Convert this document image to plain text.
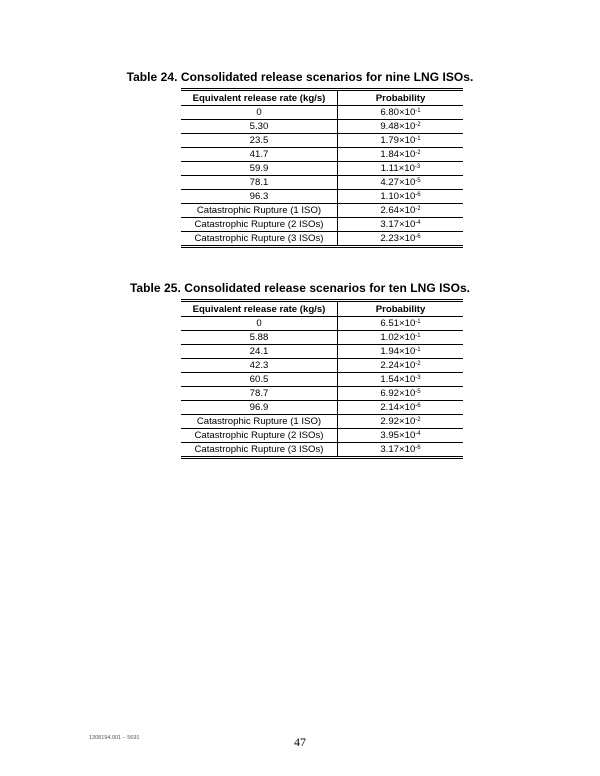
Table 24. Consolidated release scenarios for nine LNG ISOs.
Equivalent release rate (kg/s)	Probability
0	$6.80\times 10^{-1}$
5.30	$9.48\times 10^{-2}$
23.5	$1.79\times 10^{-1}$
41.7	$1.84\times 10^{-2}$
59.9	$1.11\times 10^{-3}$
78.1	$4.27\times 10^{-5}$
96.3	$1.10\times 10^{-6}$
Catastrophic Rupture (1 ISO)	$2.64\times 10^{-2}$
Catastrophic Rupture (2 ISOs)	$3.17\times 10^{-4}$
Catastrophic Rupture (3 ISOs)	$2.23\times 10^{-6}$
Table 25. Consolidated release scenarios for ten LNG ISOs.
Equivalent release rate (kg/s)	Probability
0	$6.51\times 10^{-1}$
5.88	$1.02\times 10^{-1}$
24.1	$1.94\times 10^{-1}$
42.3	$2.24\times 10^{-2}$
60.5	$1.54\times 10^{-3}$
78.7	$6.92\times 10^{-5}$
96.9	$2.14\times 10^{-6}$
Catastrophic Rupture (1 ISO)	$2.92\times 10^{-2}$
Catastrophic Rupture (2 ISOs)	$3.95\times 10^{-4}$
Catastrophic Rupture (3 ISOs)	$3.17\times 10^{-6}$
1308194.001 – 5691	47
